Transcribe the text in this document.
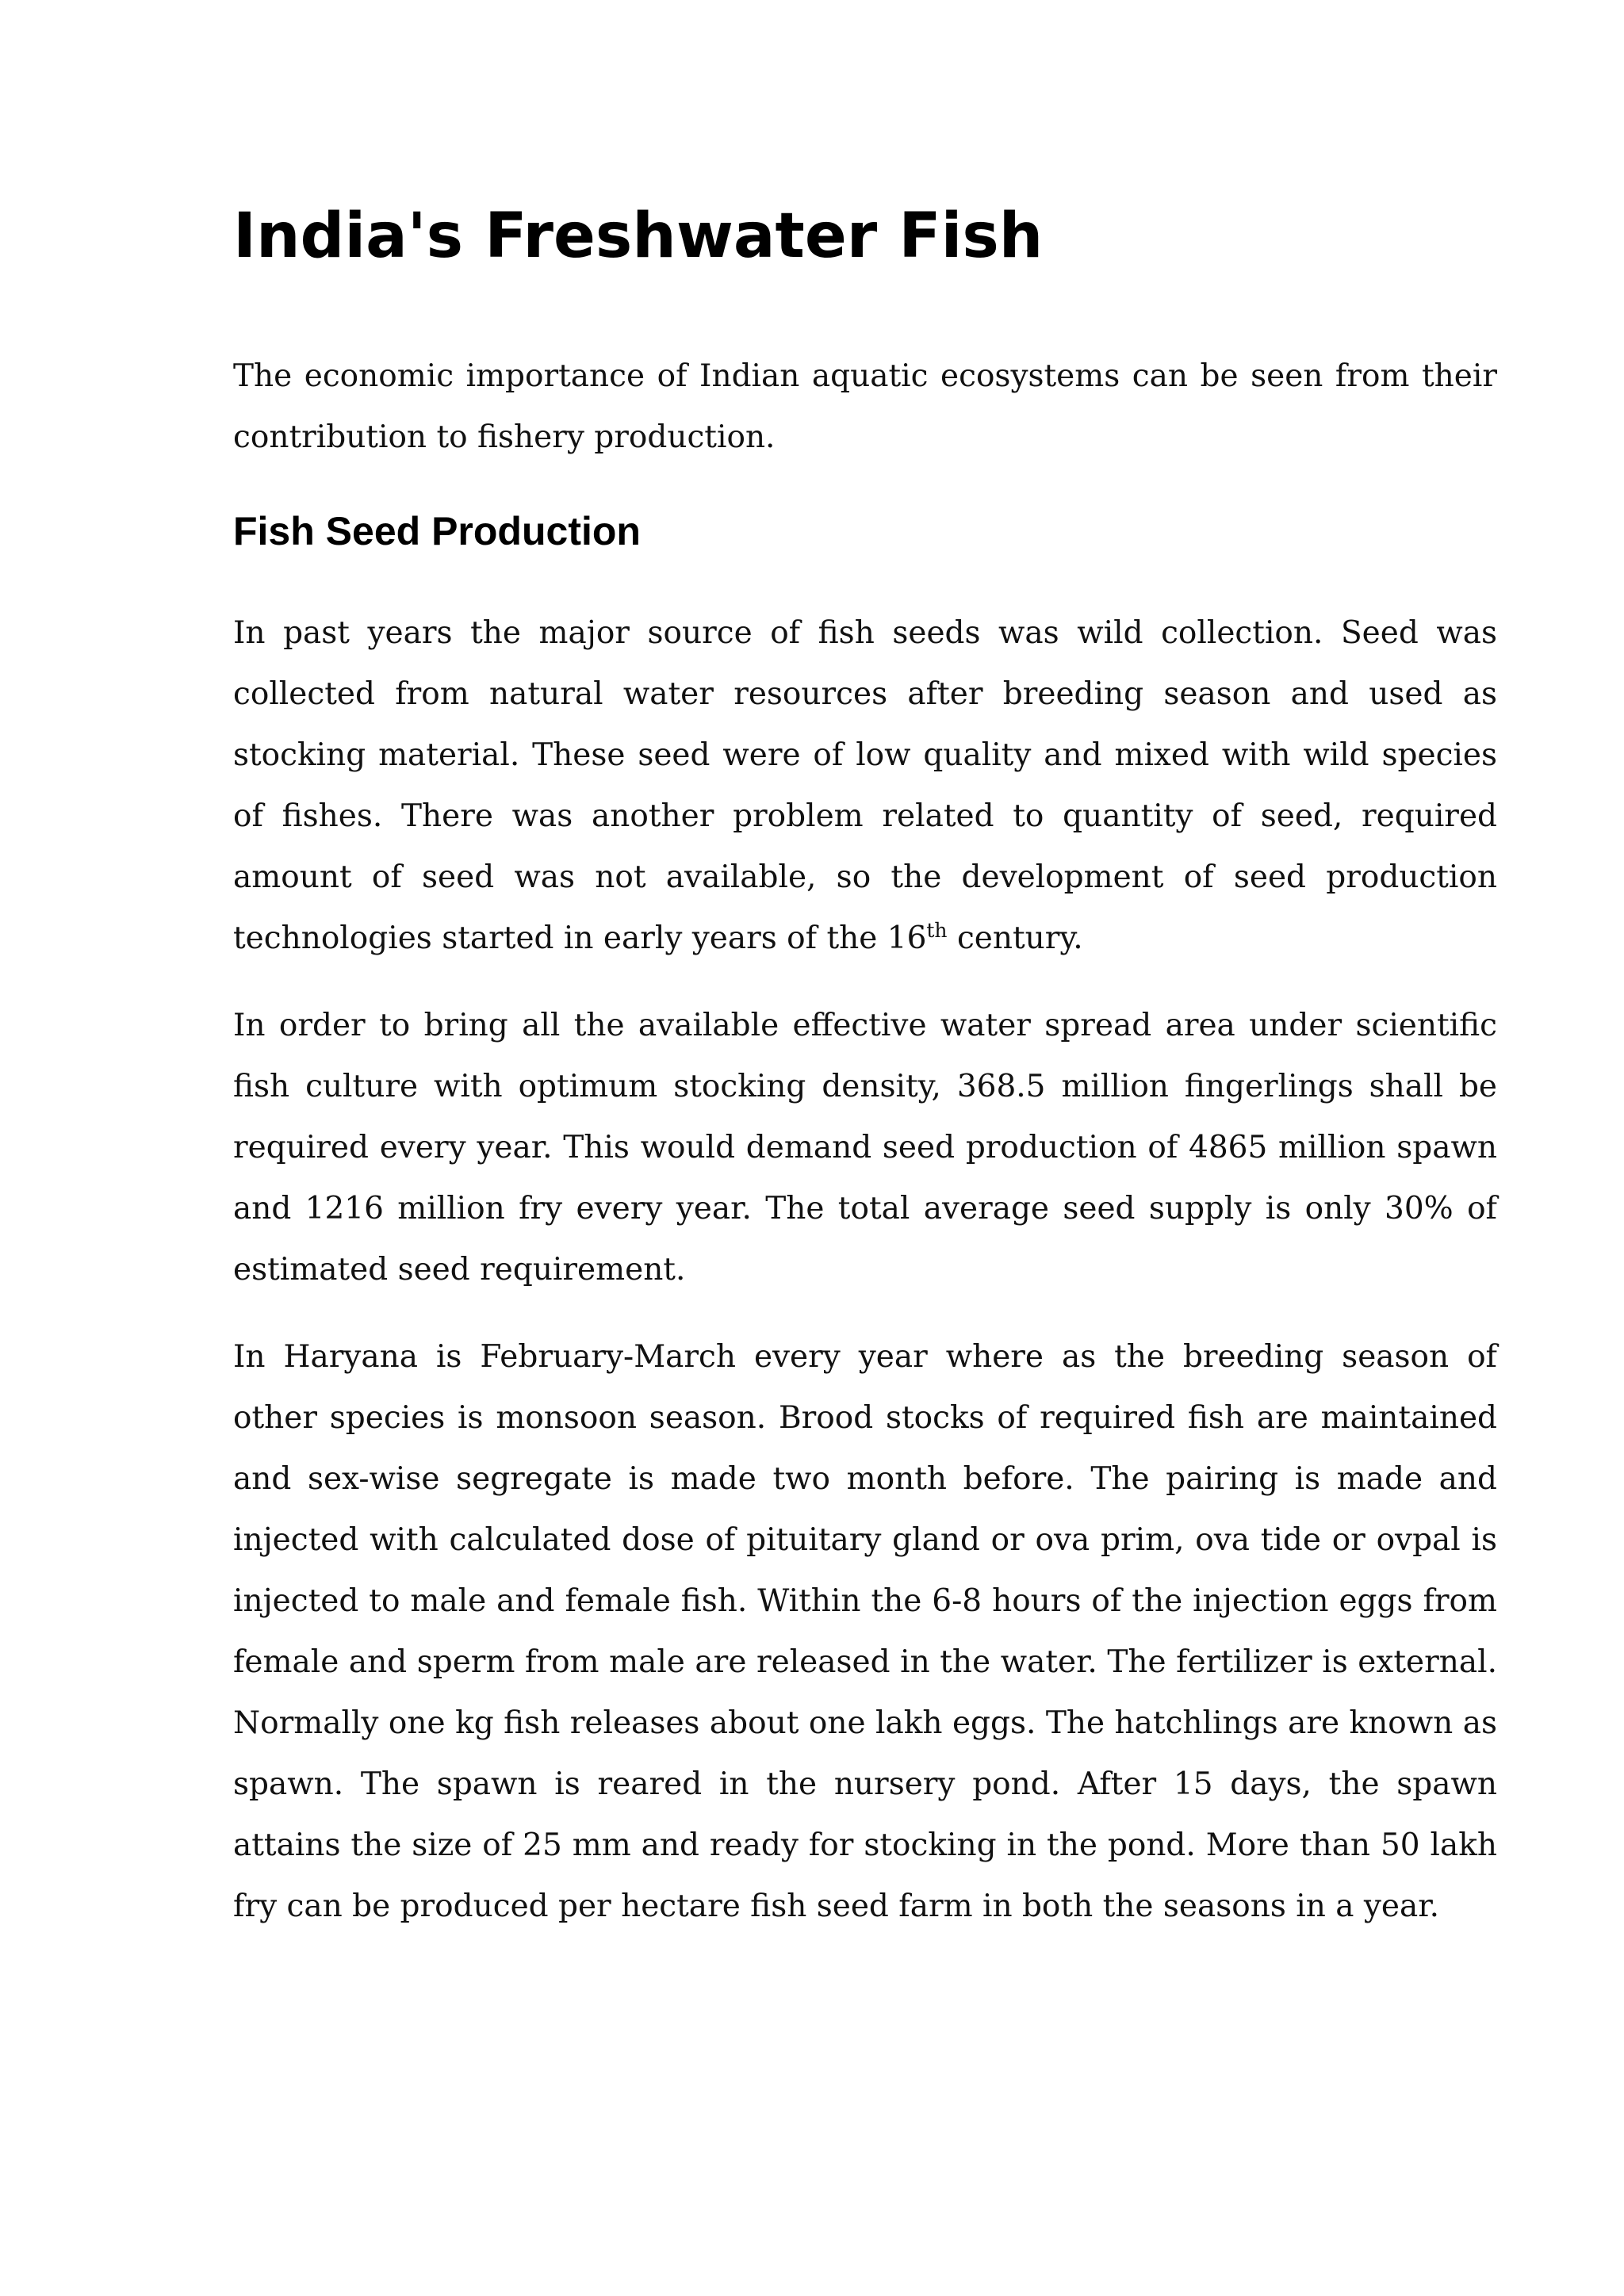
India's Freshwater Fish

The economic importance of Indian aquatic ecosystems can be seen from their contribution to fishery production.

Fish Seed Production

In past years the major source of fish seeds was wild collection. Seed was collected from natural water resources after breeding season and used as stocking material. These seed were of low quality and mixed with wild species of fishes. There was another problem related to quantity of seed, required amount of seed was not available, so the development of seed production technologies started in early years of the 16th century.

In order to bring all the available effective water spread area under scientific fish culture with optimum stocking density, 368.5 million fingerlings shall be required every year. This would demand seed production of 4865 million spawn and 1216 million fry every year. The total average seed supply is only 30% of estimated seed requirement.

In Haryana is February-March every year where as the breeding season of other species is monsoon season. Brood stocks of required fish are maintained and sex-wise segregate is made two month before. The pairing is made and injected with calculated dose of pituitary gland or ova prim, ova tide or ovpal is injected to male and female fish. Within the 6-8 hours of the injection eggs from female and sperm from male are released in the water. The fertilizer is external. Normally one kg fish releases about one lakh eggs. The hatchlings are known as spawn. The spawn is reared in the nursery pond. After 15 days, the spawn attains the size of 25 mm and ready for stocking in the pond. More than 50 lakh fry can be produced per hectare fish seed farm in both the seasons in a year.
